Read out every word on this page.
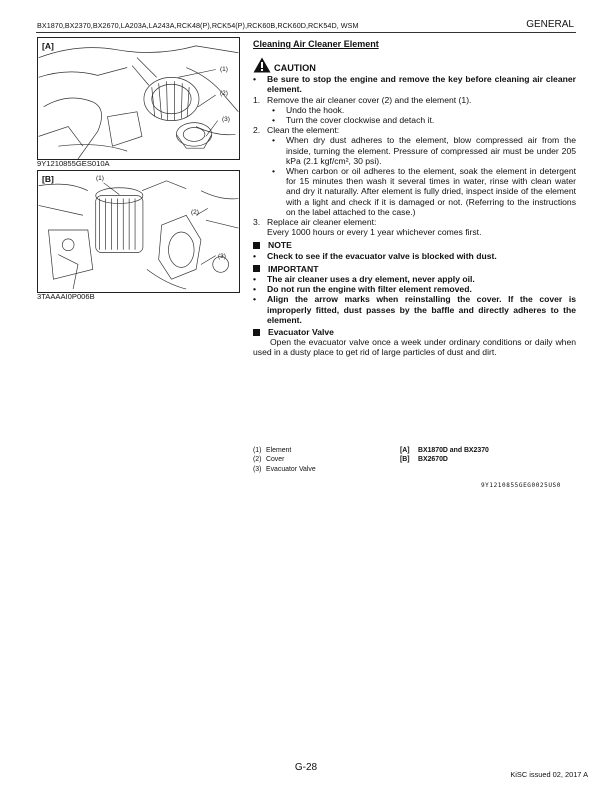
BX1870,BX2370,BX2670,LA203A,LA243A,RCK48(P),RCK54(P),RCK60B,RCK60D,RCK54D, WSM	GENERAL
[A]
(1)
(2)
(3)
9Y1210855GES010A
[B]	(1)
(2)
(3)
3TAAAAI0P006B
Cleaning Air Cleaner Element
CAUTION
•	Be sure to stop the engine and remove the key before cleaning air cleaner element.
1. Remove the air cleaner cover (2) and the element (1).
•	Undo the hook.
•	Turn the cover clockwise and detach it.
2. Clean the element:
•	When dry dust adheres to the element, blow compressed air from the inside, turning the element. Pressure of compressed air must be under 205 kPa (2.1 kgf/cm², 30 psi).
•	When carbon or oil adheres to the element, soak the element in detergent for 15 minutes then wash it several times in water, rinse with clean water and dry it naturally. After element is fully dried, inspect inside of the element with a light and check if it is damaged or not. (Referring to the instructions on the label attached to the case.)
3. Replace air cleaner element:
Every 1000 hours or every 1 year whichever comes first.
NOTE
•	Check to see if the evacuator valve is blocked with dust.
IMPORTANT
•	The air cleaner uses a dry element, never apply oil.
•	Do not run the engine with filter element removed.
•	Align the arrow marks when reinstalling the cover. If the cover is improperly fitted, dust passes by the baffle and directly adheres to the element.
Evacuator Valve
Open the evacuator valve once a week under ordinary conditions or daily when used in a dusty place to get rid of large particles of dust and dirt.
(1) Element
(2) Cover
(3) Evacuator Valve
[A]	BX1870D and BX2370
[B]	BX2670D
9Y1210855GEG0025US0
G-28
KiSC issued 02, 2017 A
